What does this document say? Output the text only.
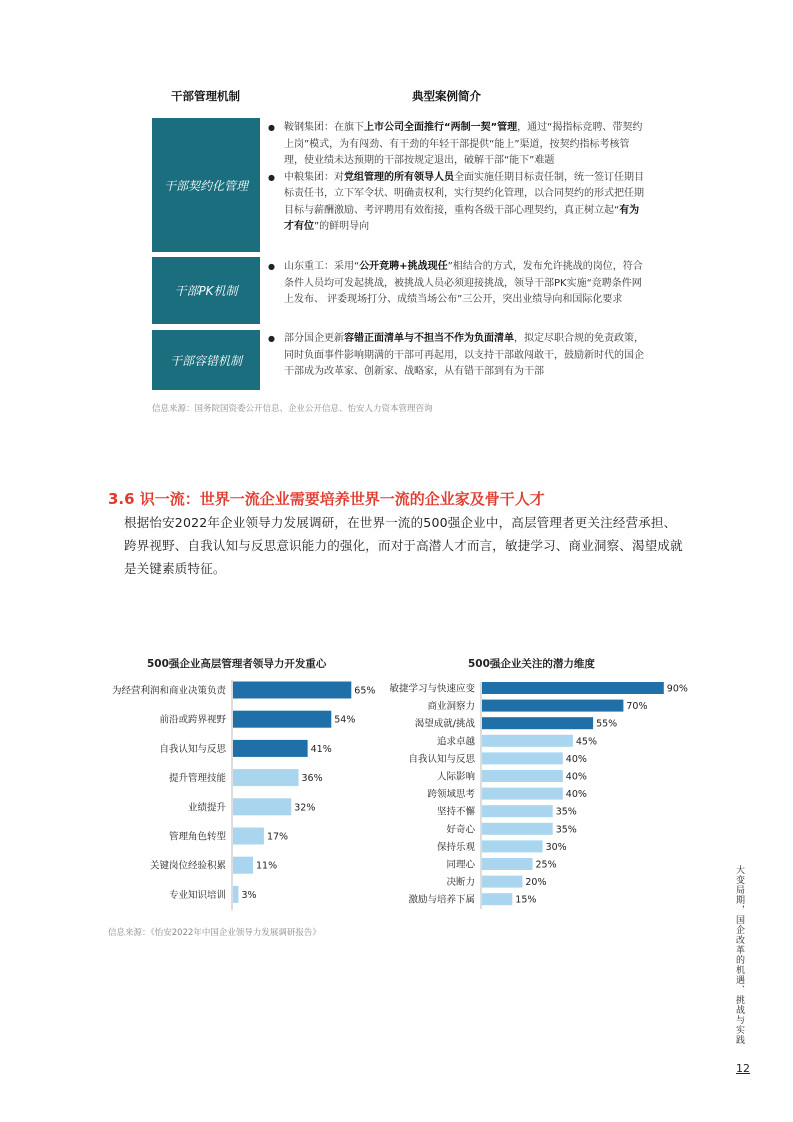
干部管理机制	典型案例简介
干部契约化管理
● 鞍钢集团：在旗下上市公司全面推行“两制一契”管理，通过“揭指标竞聘、带契约上岗”模式，为有闯劲、有干劲的年轻干部提供“能上”渠道，按契约指标考核管理，使业绩未达预期的干部按规定退出，破解干部“能下”难题
● 中粮集团：对党组管理的所有领导人员全面实施任期目标责任制，统一签订任期目标责任书，立下军令状、明确责权利，实行契约化管理，以合同契约的形式把任期目标与薪酬激励、考评聘用有效衔接，重构各级干部心理契约，真正树立起“有为才有位”的鲜明导向
干部PK机制
● 山东重工：采用“公开竞聘+挑战现任”相结合的方式，发布允许挑战的岗位，符合条件人员均可发起挑战，被挑战人员必须迎接挑战，领导干部PK实施“竞聘条件网上发布、 评委现场打分、成绩当场公布”三公开，突出业绩导向和国际化要求
干部容错机制
● 部分国企更新容错正面清单与不担当不作为负面清单，拟定尽职合规的免责政策，同时负面事件影响期满的干部可再起用，以支持干部敢闯敢干，鼓励新时代的国企干部成为改革家、创新家、战略家，从有错干部到有为干部
信息来源：国务院国资委公开信息、企业公开信息、怡安人力资本管理咨询
3.6 识一流：世界一流企业需要培养世界一流的企业家及骨干人才
根据怡安2022年企业领导力发展调研，在世界一流的500强企业中，高层管理者更关注经营承担、跨界视野、自我认知与反思意识能力的强化，而对于高潜人才而言，敏捷学习、商业洞察、渴望成就是关键素质特征。
500强企业高层管理者领导力开发重心	500强企业关注的潜力维度
为经营利润和商业决策负责	65%
前沿或跨界视野	54%
自我认知与反思	41%
提升管理技能	36%
业绩提升	32%
管理角色转型	17%
关键岗位经验积累	11%
专业知识培训 3%
敏捷学习与快速应变	90%
商业洞察力	70%
渴望成就/挑战	55%
追求卓越	45%
自我认知与反思	40%
人际影响	40%
跨领域思考	40%
坚持不懈	35%
好奇心	35%
保持乐观	30%
同理心	25%
决断力	20%
激励与培养下属	15%
信息来源：《怡安2022年中国企业领导力发展调研报告》	大变局期，国企改革的机遇、挑战与实践
12
